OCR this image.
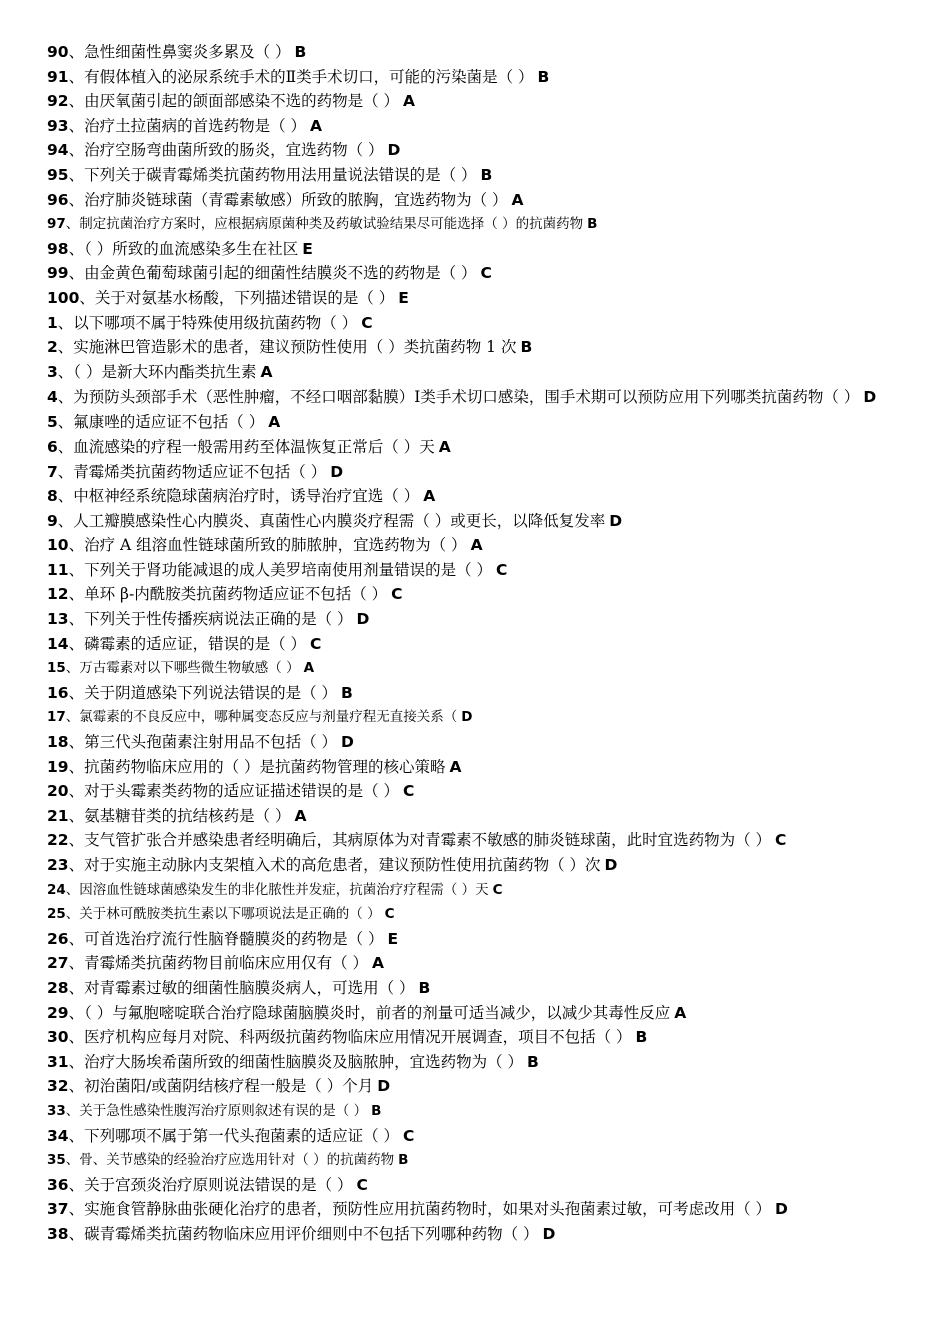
90、急性细菌性鼻窦炎多累及（ ） B
91、有假体植入的泌尿系统手术的Ⅱ类手术切口，可能的污染菌是（ ） B
92、由厌氧菌引起的颌面部感染不选的药物是（ ） A
93、治疗土拉菌病的首选药物是（ ） A
94、治疗空肠弯曲菌所致的肠炎，宜选药物（ ） D
95、下列关于碳青霉烯类抗菌药物用法用量说法错误的是（ ） B
96、治疗肺炎链球菌（青霉素敏感）所致的脓胸，宜选药物为（ ） A
97、制定抗菌治疗方案时，应根据病原菌种类及药敏试验结果尽可能选择（ ）的抗菌药物 B
98、（ ）所致的血流感染多生在社区 E
99、由金黄色葡萄球菌引起的细菌性结膜炎不选的药物是（ ） C
100、关于对氨基水杨酸，下列描述错误的是（ ） E
1、以下哪项不属于特殊使用级抗菌药物（ ） C
2、实施淋巴管造影术的患者，建议预防性使用（ ）类抗菌药物 1 次 B
3、（ ）是新大环内酯类抗生素 A
4、为预防头颈部手术（恶性肿瘤，不经口咽部黏膜）Ⅰ类手术切口感染，围手术期可以预防应用下列哪类抗菌药物（ ） D
5、氟康唑的适应证不包括（ ） A
6、血流感染的疗程一般需用药至体温恢复正常后（ ）天 A
7、青霉烯类抗菌药物适应证不包括（ ） D
8、中枢神经系统隐球菌病治疗时，诱导治疗宜选（ ） A
9、人工瓣膜感染性心内膜炎、真菌性心内膜炎疗程需（ ）或更长，以降低复发率 D
10、治疗 A 组溶血性链球菌所致的肺脓肿，宜选药物为（ ） A
11、下列关于肾功能减退的成人美罗培南使用剂量错误的是（ ） C
12、单环 β-内酰胺类抗菌药物适应证不包括（ ） C
13、下列关于性传播疾病说法正确的是（ ） D
14、磷霉素的适应证，错误的是（ ） C
15、万古霉素对以下哪些微生物敏感（ ） A
16、关于阴道感染下列说法错误的是（ ） B
17、氯霉素的不良反应中，哪种属变态反应与剂量疗程无直接关系（ D
18、第三代头孢菌素注射用品不包括（ ） D
19、抗菌药物临床应用的（ ）是抗菌药物管理的核心策略 A
20、对于头霉素类药物的适应证描述错误的是（ ） C
21、氨基糖苷类的抗结核药是（ ） A
22、支气管扩张合并感染患者经明确后，其病原体为对青霉素不敏感的肺炎链球菌，此时宜选药物为（ ） C
23、对于实施主动脉内支架植入术的高危患者，建议预防性使用抗菌药物（ ）次 D
24、因溶血性链球菌感染发生的非化脓性并发症，抗菌治疗疗程需（ ）天 C
25、关于林可酰胺类抗生素以下哪项说法是正确的（ ） C
26、可首选治疗流行性脑脊髓膜炎的药物是（ ） E
27、青霉烯类抗菌药物目前临床应用仅有（ ） A
28、对青霉素过敏的细菌性脑膜炎病人，可选用（ ） B
29、（ ）与氟胞嘧啶联合治疗隐球菌脑膜炎时，前者的剂量可适当减少，以减少其毒性反应 A
30、医疗机构应每月对院、科两级抗菌药物临床应用情况开展调查，项目不包括（ ） B
31、治疗大肠埃希菌所致的细菌性脑膜炎及脑脓肿，宜选药物为（ ） B
32、初治菌阳/或菌阴结核疗程一般是（ ）个月 D
33、关于急性感染性腹泻治疗原则叙述有误的是（ ） B
34、下列哪项不属于第一代头孢菌素的适应证（ ） C
35、骨、关节感染的经验治疗应选用针对（ ）的抗菌药物 B
36、关于宫颈炎治疗原则说法错误的是（ ） C
37、实施食管静脉曲张硬化治疗的患者，预防性应用抗菌药物时，如果对头孢菌素过敏，可考虑改用（ ） D
38、碳青霉烯类抗菌药物临床应用评价细则中不包括下列哪种药物（ ） D
